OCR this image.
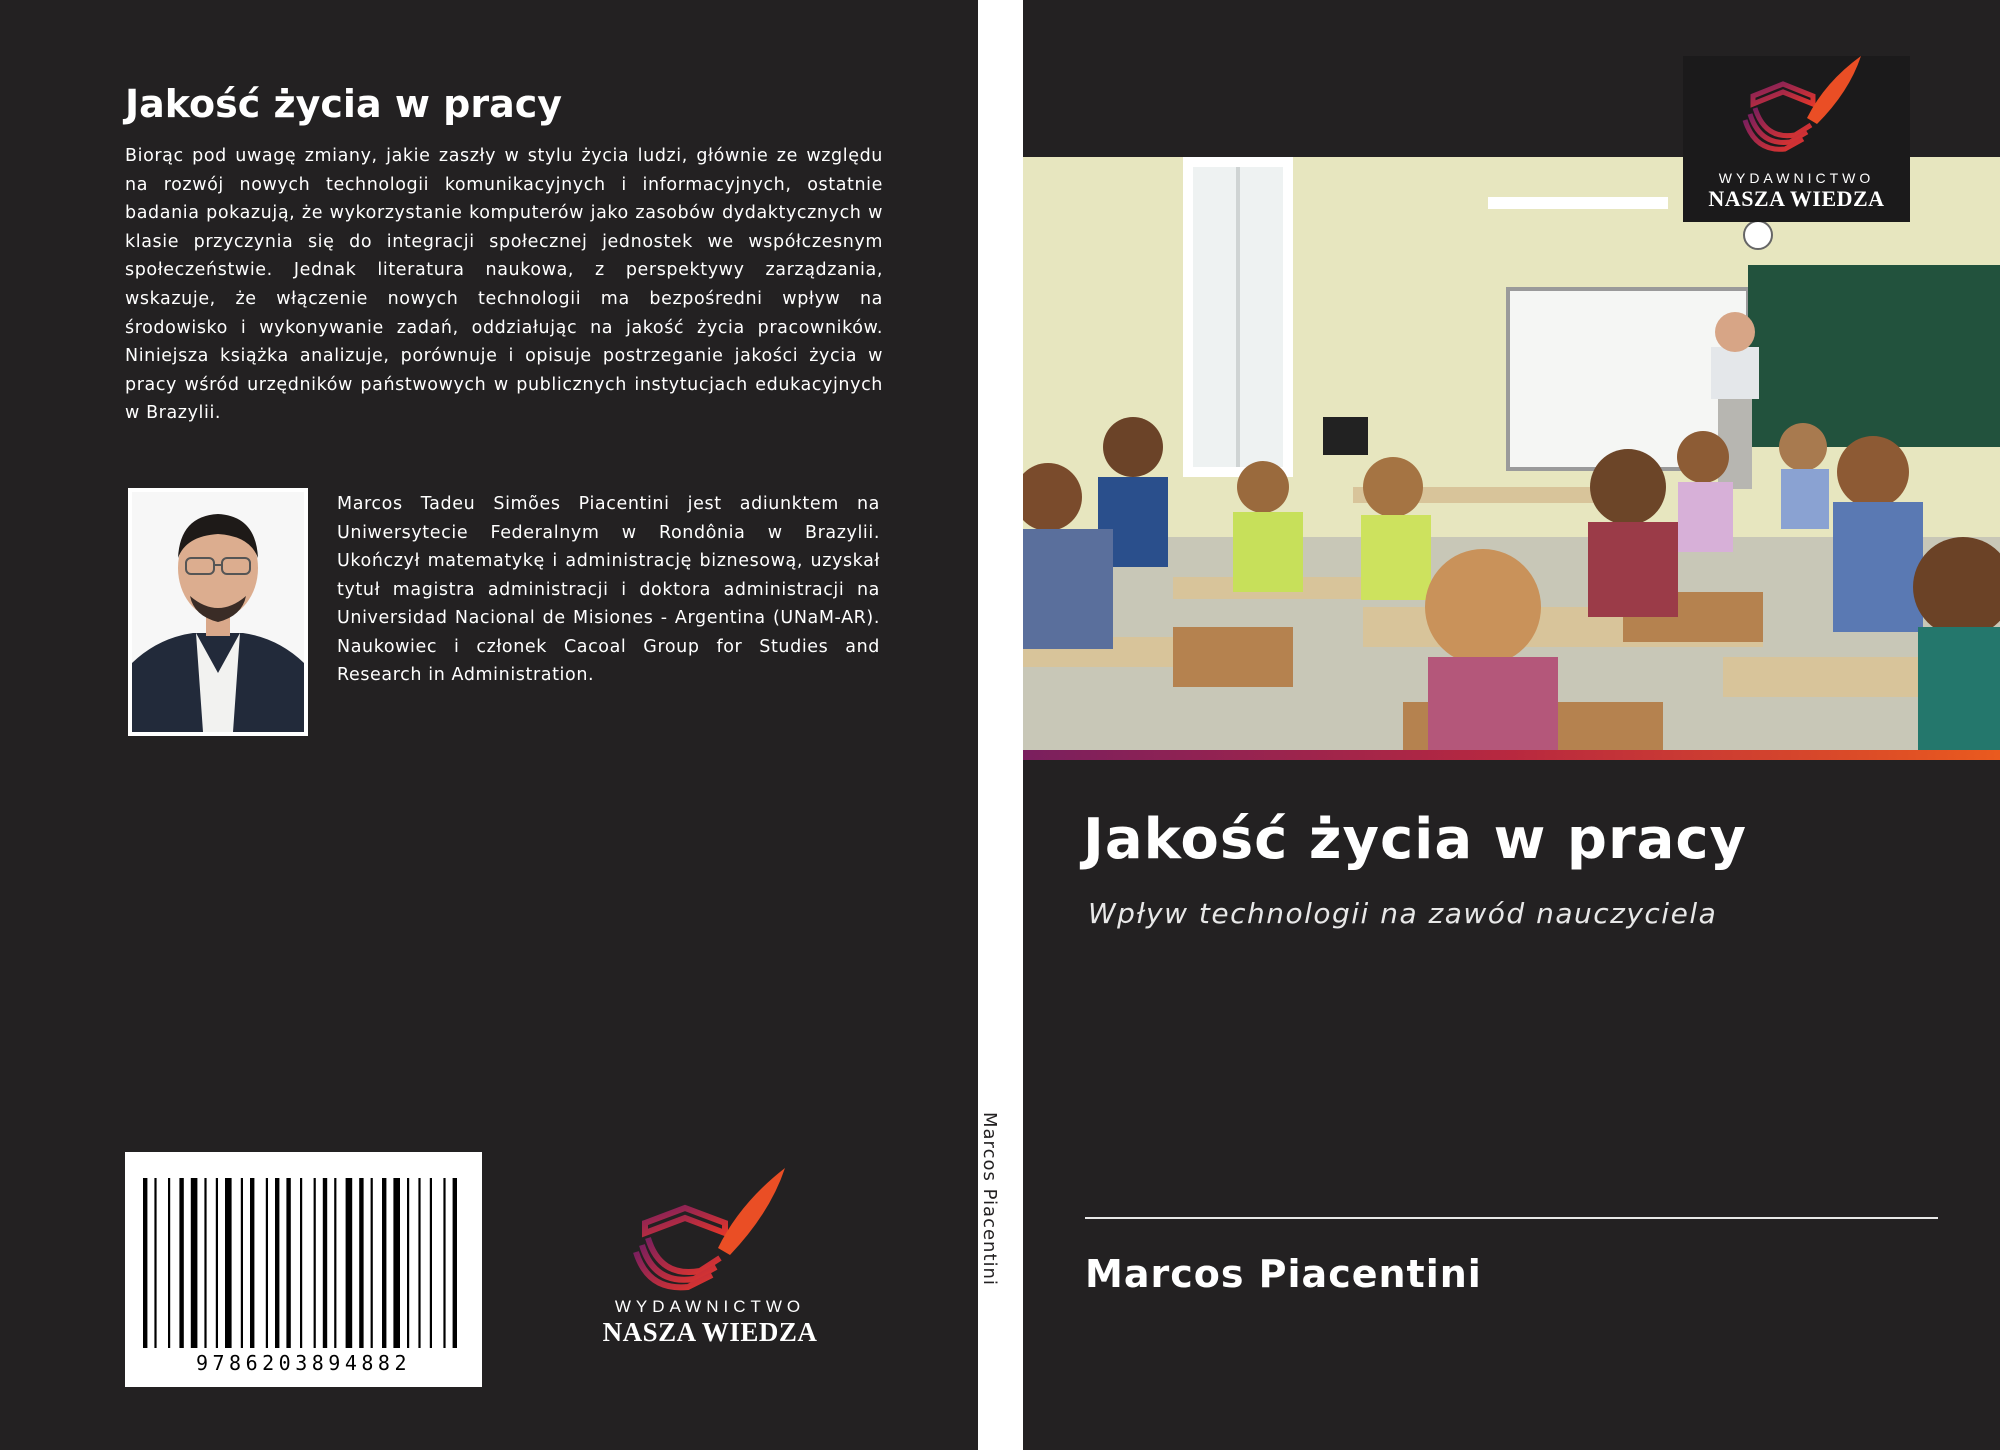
Jakość życia w pracy

Biorąc pod uwagę zmiany, jakie zaszły w stylu życia ludzi, głównie ze względu na rozwój nowych technologii komunikacyjnych i informacyjnych, ostatnie badania pokazują, że wykorzystanie komputerów jako zasobów dydaktycznych w klasie przyczynia się do integracji społecznej jednostek we współczesnym społeczeństwie. Jednak literatura naukowa, z perspektywy zarządzania, wskazuje, że włączenie nowych technologii ma bezpośredni wpływ na środowisko i wykonywanie zadań, oddziałując na jakość życia pracowników. Niniejsza książka analizuje, porównuje i opisuje postrzeganie jakości życia w pracy wśród urzędników państwowych w publicznych instytucjach edukacyjnych w Brazylii.

Marcos Tadeu Simões Piacentini jest adiunktem na Uniwersytecie Federalnym w Rondônia w Brazylii. Ukończył matematykę i administrację biznesową, uzyskał tytuł magistra administracji i doktora administracji na Universidad Nacional de Misiones - Argentina (UNaM-AR). Naukowiec i członek Cacoal Group for Studies and Research in Administration.

9786203894882
WYDAWNICTWO
NASZA WIEDZA
Marcos Piacentini
WYDAWNICTWO
NASZA WIEDZA
Jakość życia w pracy
Wpływ technologii na zawód nauczyciela
Marcos Piacentini
